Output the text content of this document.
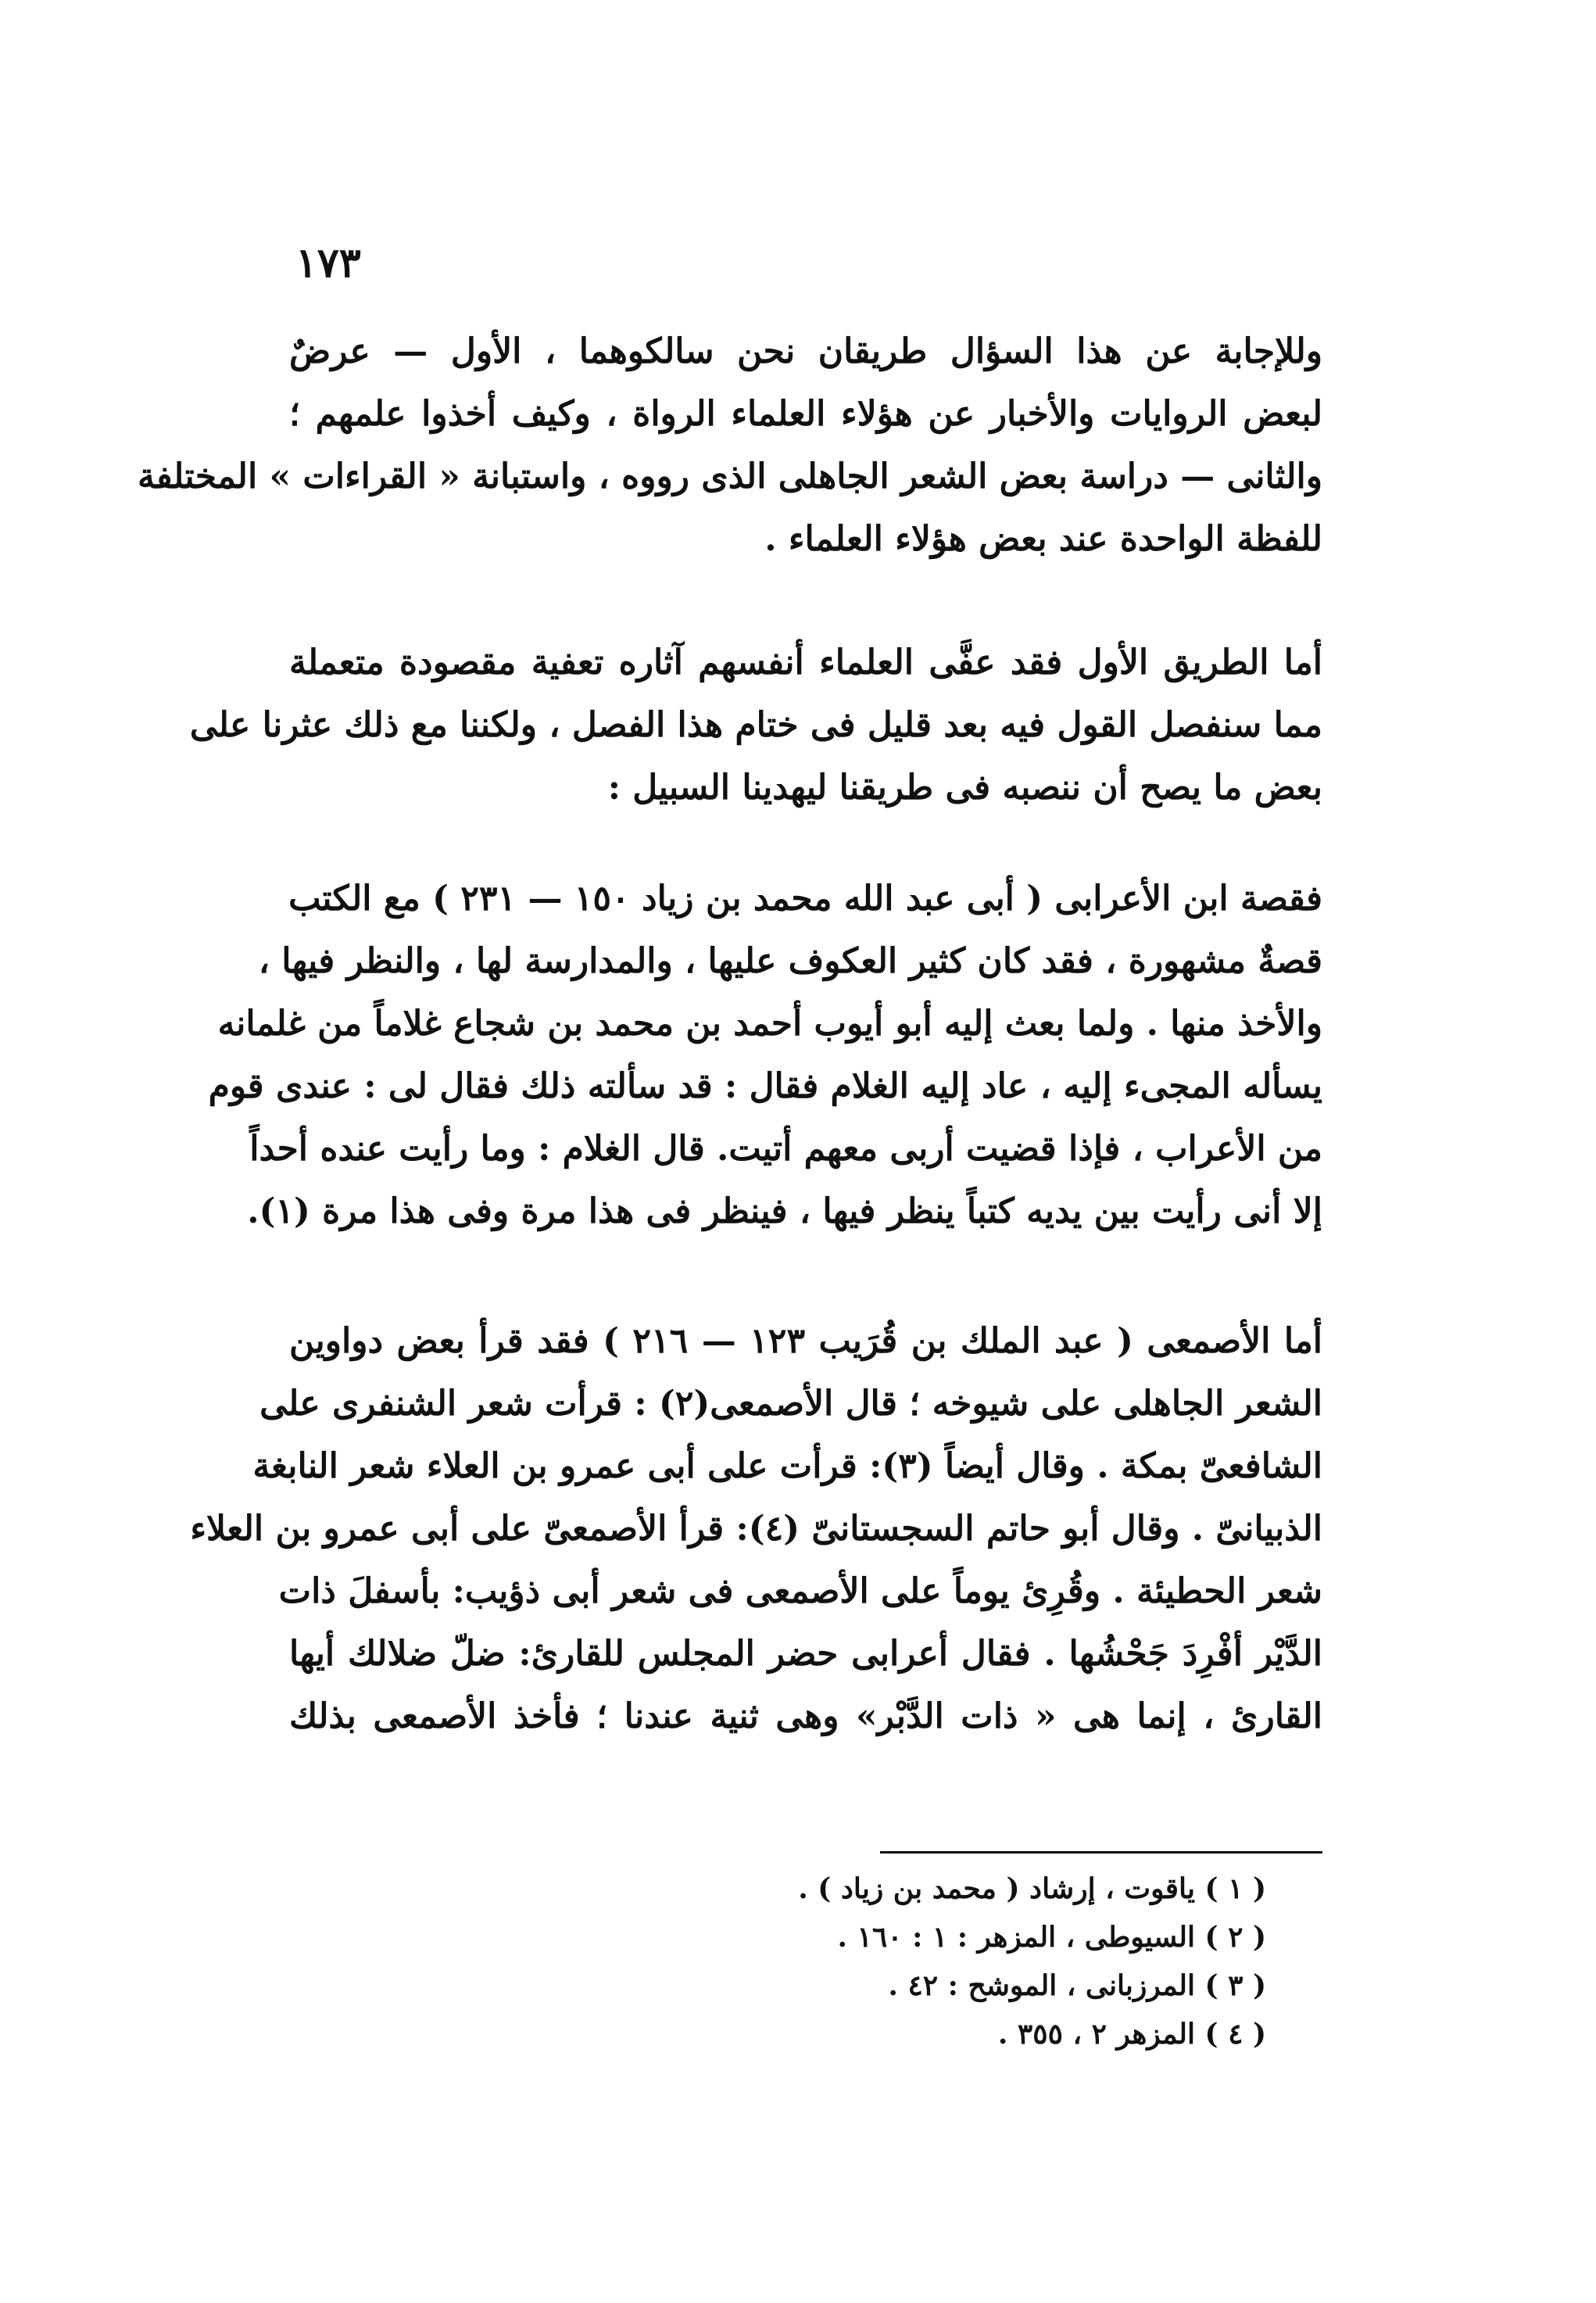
١٧٣
وللإجابة عن هذا السؤال طريقان نحن سالكوهما ، الأول — عرضٌ
لبعض الروايات والأخبار عن هؤلاء العلماء الرواة ، وكيف أخذوا علمهم ؛
والثانى — دراسة بعض الشعر الجاهلى الذى رووه ، واستبانة « القراءات » المختلفة
للفظة الواحدة عند بعض هؤلاء العلماء .
أما الطريق الأول فقد عفَّى العلماء أنفسهم آثاره تعفية مقصودة متعملة
مما سنفصل القول فيه بعد قليل فى ختام هذا الفصل ، ولكننا مع ذلك عثرنا على
بعض ما يصح أن ننصبه فى طريقنا ليهدينا السبيل :
فقصة ابن الأعرابى ( أبى عبد الله محمد بن زياد ١٥٠ — ٢٣١ ) مع الكتب
قصةٌ مشهورة ، فقد كان كثير العكوف عليها ، والمدارسة لها ، والنظر فيها ،
والأخذ منها . ولما بعث إليه أبو أيوب أحمد بن محمد بن شجاع غلاماً من غلمانه
يسأله المجىء إليه ، عاد إليه الغلام فقال : قد سألته ذلك فقال لى : عندى قوم
من الأعراب ، فإذا قضيت أربى معهم أتيت. قال الغلام : وما رأيت عنده أحداً
إلا أنى رأيت بين يديه كتباً ينظر فيها ، فينظر فى هذا مرة وفى هذا مرة (١).
أما الأصمعى ( عبد الملك بن قُرَيب ١٢٣ — ٢١٦ ) فقد قرأ بعض دواوين
الشعر الجاهلى على شيوخه ؛ قال الأصمعى(٢) : قرأت شعر الشنفرى على
الشافعىّ بمكة . وقال أيضاً (٣): قرأت على أبى عمرو بن العلاء شعر النابغة
الذبيانىّ . وقال أبو حاتم السجستانىّ (٤): قرأ الأصمعىّ على أبى عمرو بن العلاء
شعر الحطيئة . وقُرِئ يوماً على الأصمعى فى شعر أبى ذؤيب: بأسفلَ ذات
الدَّيْر أفْرِدَ جَحْشُها . فقال أعرابى حضر المجلس للقارئ: ضلّ ضلالك أيها
القارئ ، إنما هى « ذات الدَّبْر» وهى ثنية عندنا ؛ فأخذ الأصمعى بذلك
( ١ ) ياقوت ، إرشاد ( محمد بن زياد ) .
( ٢ ) السيوطى ، المزهر : ١ : ١٦٠ .
( ٣ ) المرزبانى ، الموشح : ٤٢ .
( ٤ ) المزهر ٢ ، ٣٥٥ .
